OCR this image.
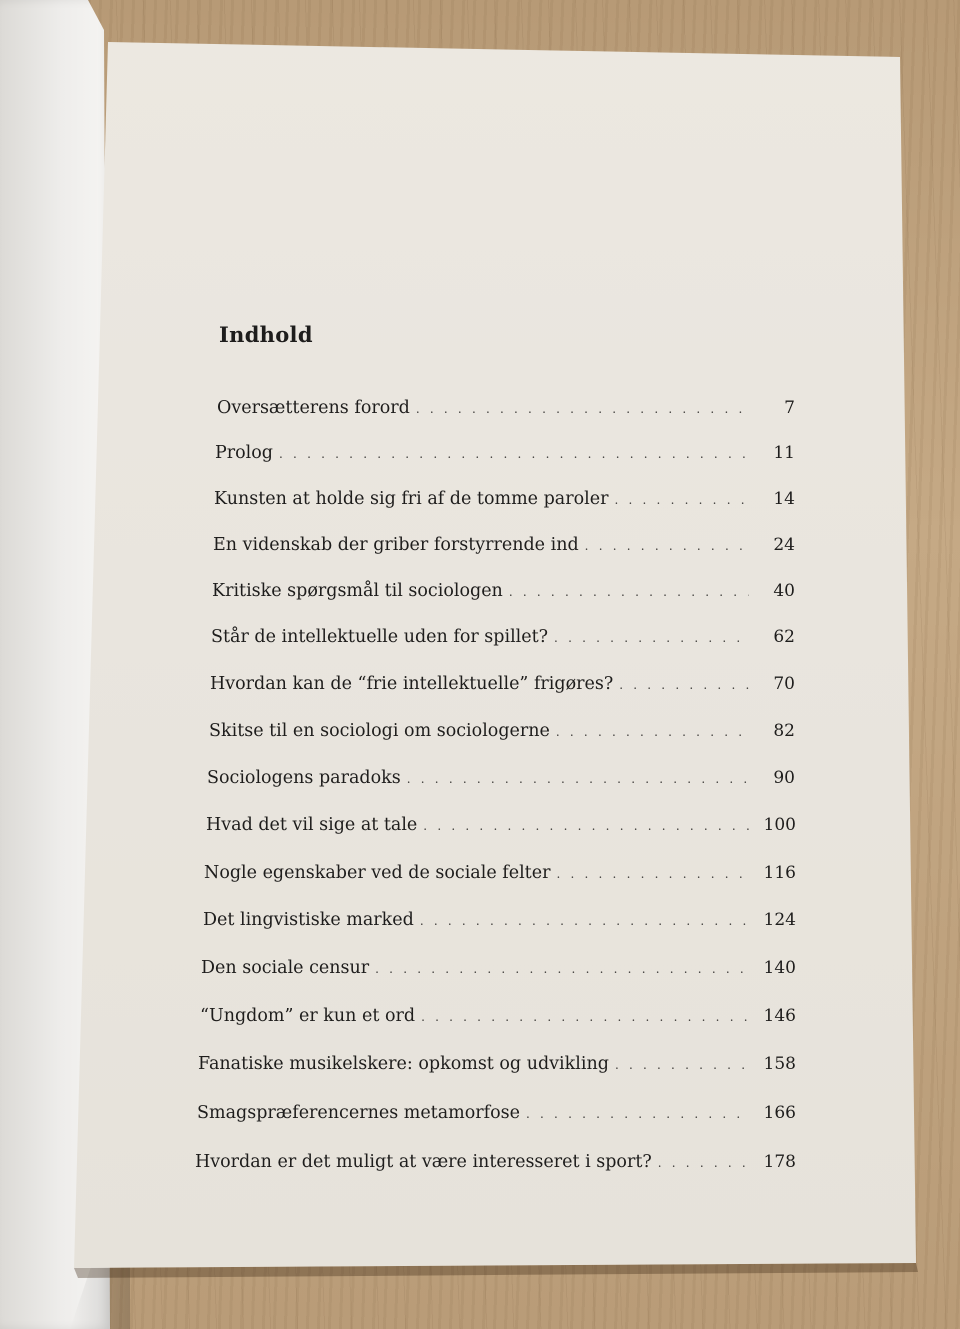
Indhold
Oversætterens forord . . .	7
Prolog . . .	11
Kunsten at holde sig fri af de tomme paroler . . .	14
En videnskab der griber forstyrrende ind . . .	24
Kritiske spørgsmål til sociologen . . .	40
Står de intellektuelle uden for spillet? . . .	62
Hvordan kan de “frie intellektuelle” frigøres? . . .	70
Skitse til en sociologi om sociologerne . . .	82
Sociologens paradoks . . .	90
Hvad det vil sige at tale . . .	100
Nogle egenskaber ved de sociale felter . . .	116
Det lingvistiske marked . . .	124
Den sociale censur . . .	140
“Ungdom” er kun et ord . . .	146
Fanatiske musikelskere: opkomst og udvikling . . .	158
Smagspræferencernes metamorfose . . .	166
Hvordan er det muligt at være interesseret i sport? . . .	178
